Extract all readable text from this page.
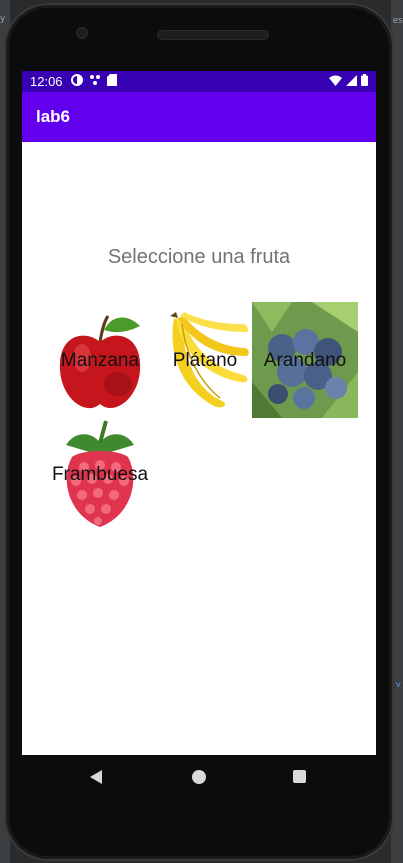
y	es
v
12:06
lab6
Seleccione una fruta
Manzana	Plátano	Arandano
Frambuesa
